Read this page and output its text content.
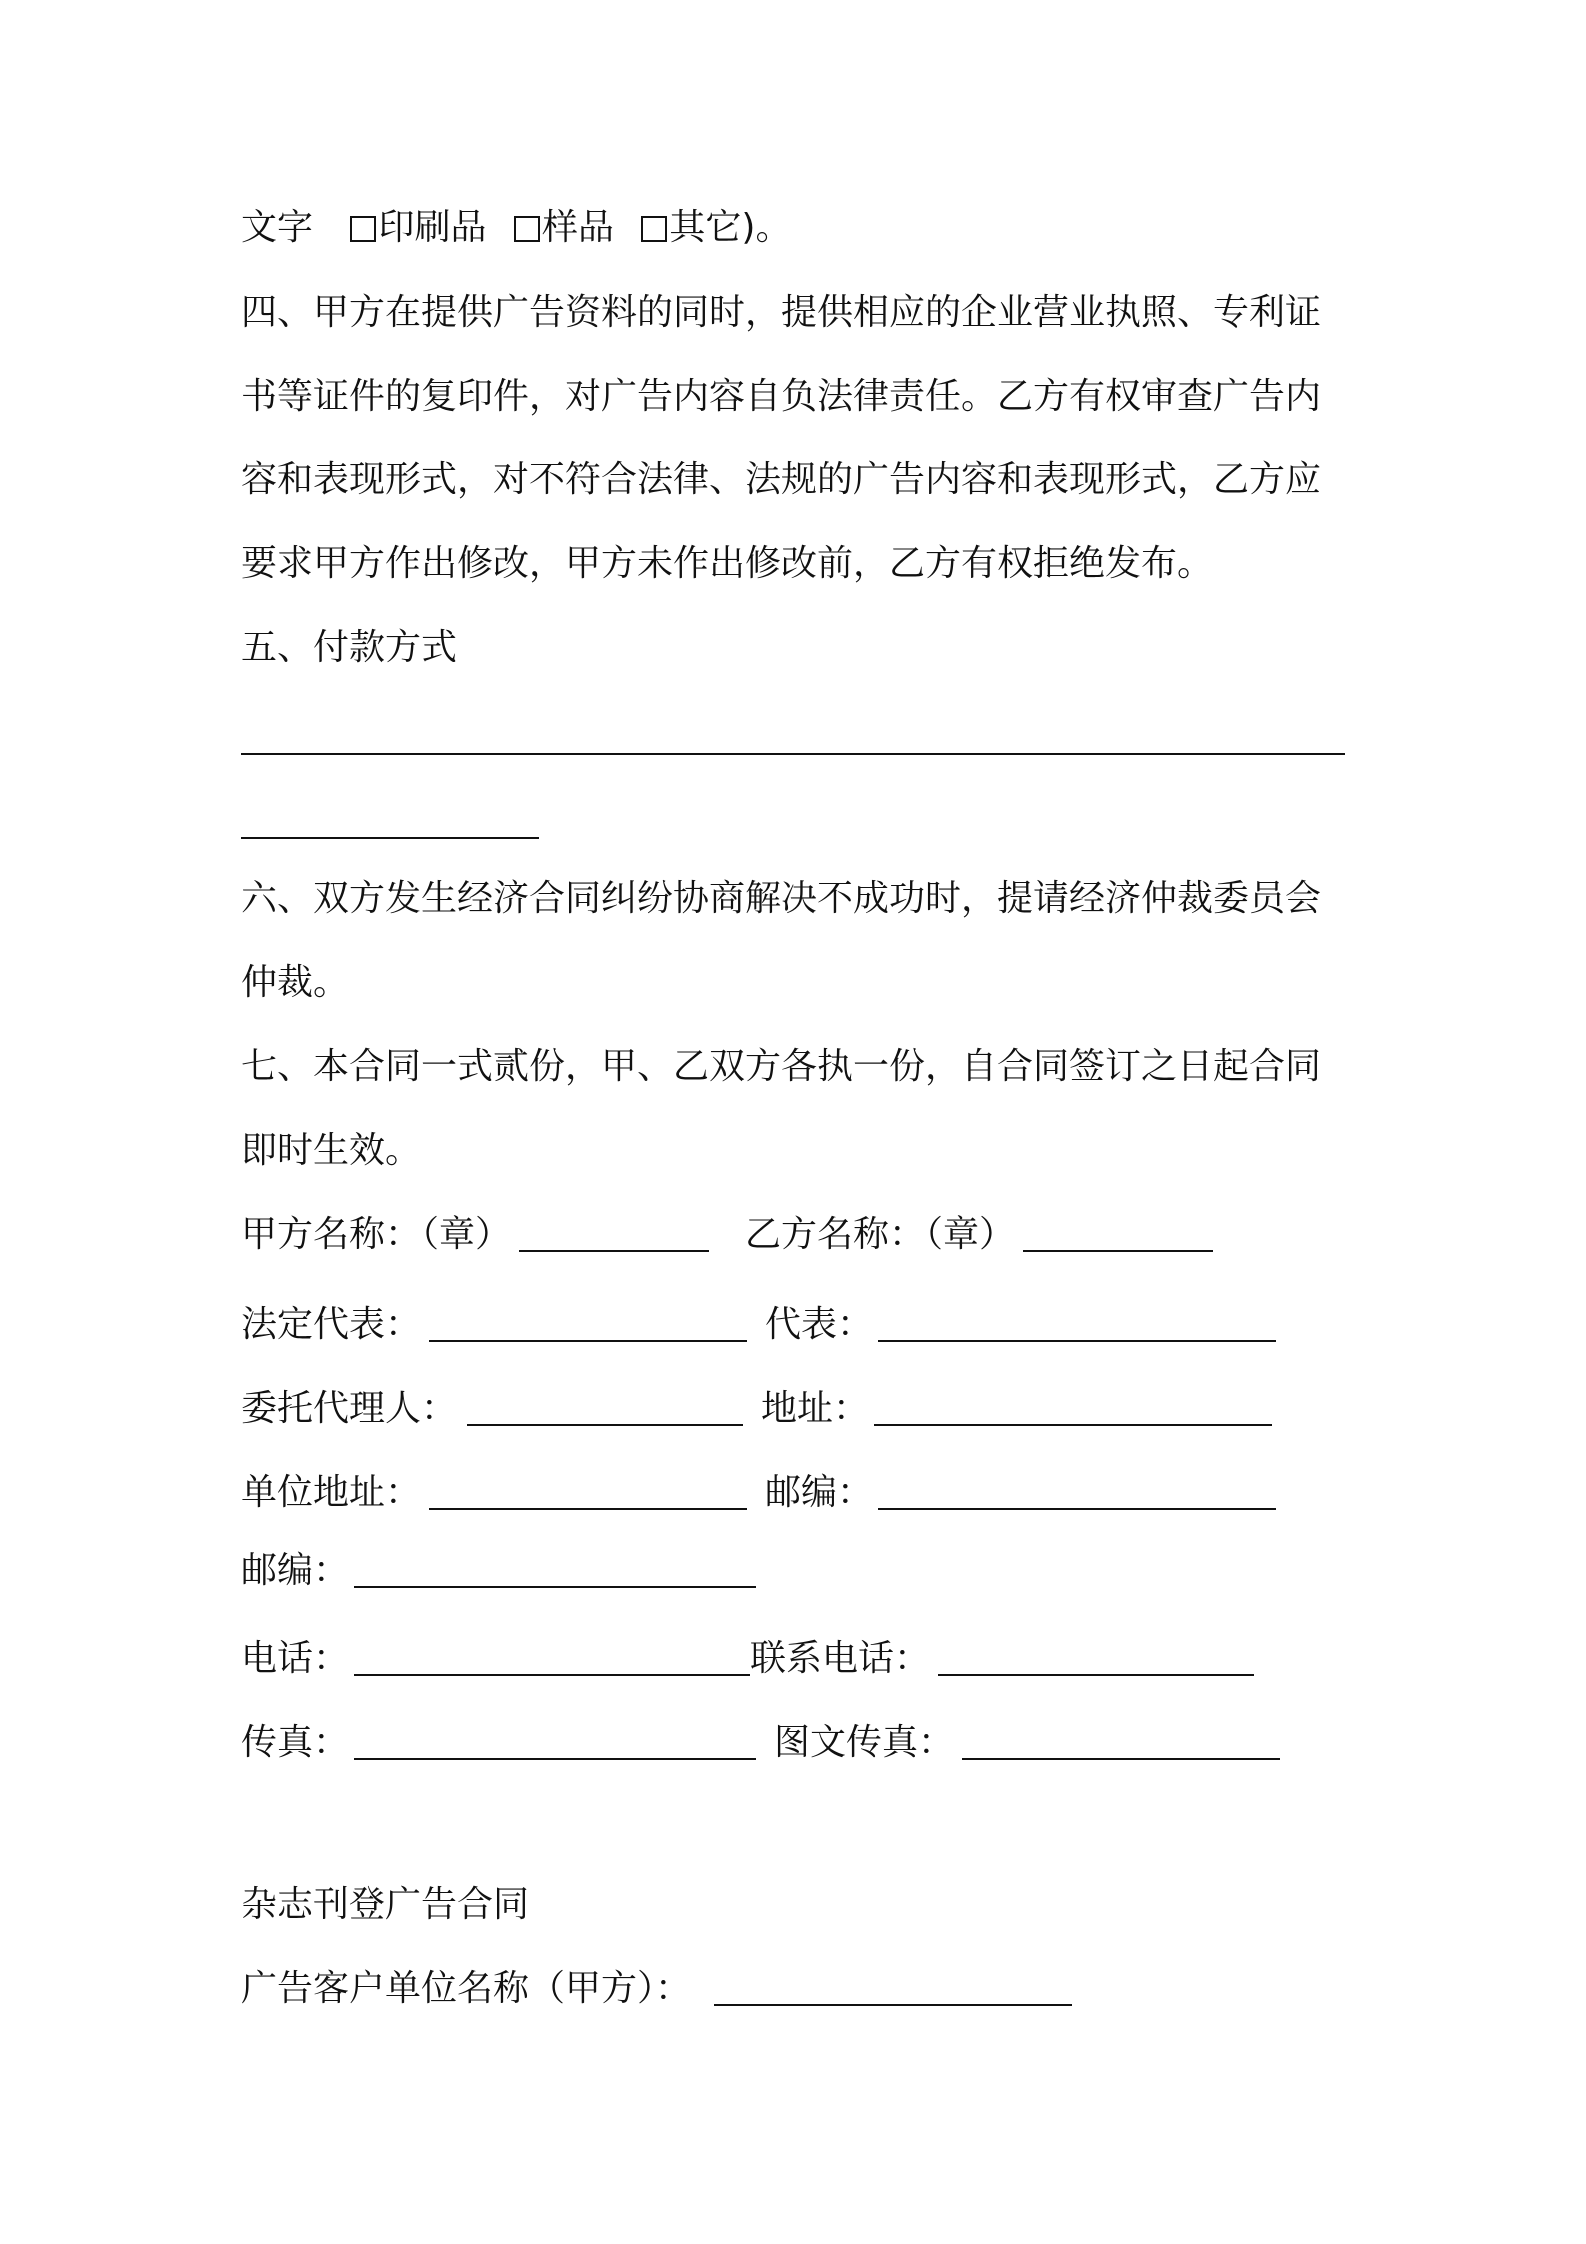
文字 印刷品 样品 其它)。
四、甲方在提供广告资料的同时，提供相应的企业营业执照、专利证
书等证件的复印件，对广告内容自负法律责任。乙方有权审查广告内
容和表现形式，对不符合法律、法规的广告内容和表现形式，乙方应
要求甲方作出修改，甲方未作出修改前，乙方有权拒绝发布。
五、付款方式
六、双方发生经济合同纠纷协商解决不成功时，提请经济仲裁委员会
仲裁。
七、本合同一式贰份，甲、乙双方各执一份，自合同签订之日起合同
即时生效。
甲方名称：（章）	乙方名称：（章）
法定代表：	代表：
委托代理人：	地址：
单位地址：	邮编：
邮编：
电话：	联系电话：
传真：	图文传真：
杂志刊登广告合同
广告客户单位名称（甲方）：
